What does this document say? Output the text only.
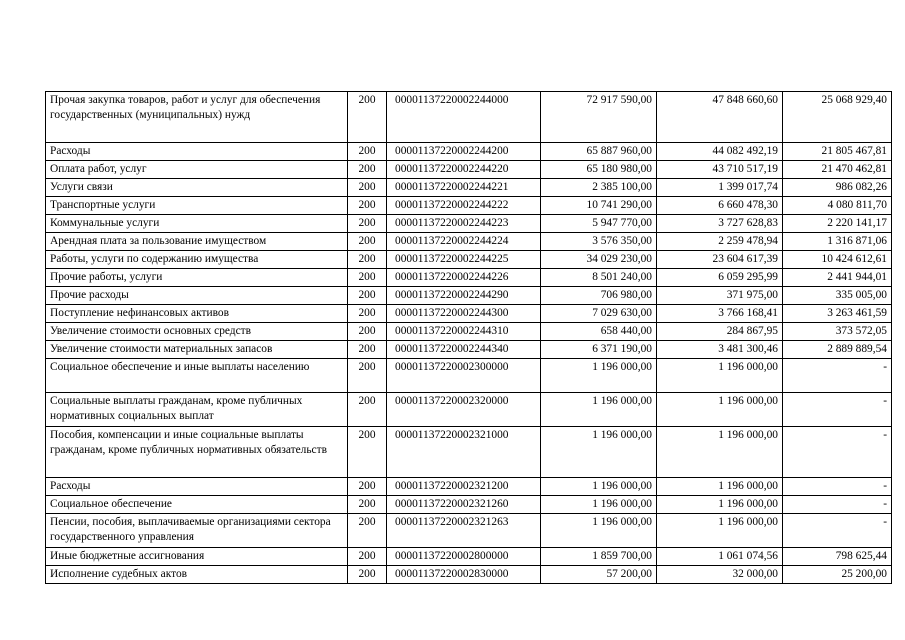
Прочая закупка товаров, работ и услуг для обеспечения государственных (муниципальных) нужд	200	00001137220002244000	72 917 590,00	47 848 660,60	25 068 929,40
Расходы	200	00001137220002244200	65 887 960,00	44 082 492,19	21 805 467,81
Оплата работ, услуг	200	00001137220002244220	65 180 980,00	43 710 517,19	21 470 462,81
Услуги связи	200	00001137220002244221	2 385 100,00	1 399 017,74	986 082,26
Транспортные услуги	200	00001137220002244222	10 741 290,00	6 660 478,30	4 080 811,70
Коммунальные услуги	200	00001137220002244223	5 947 770,00	3 727 628,83	2 220 141,17
Арендная плата за пользование имуществом	200	00001137220002244224	3 576 350,00	2 259 478,94	1 316 871,06
Работы, услуги по содержанию имущества	200	00001137220002244225	34 029 230,00	23 604 617,39	10 424 612,61
Прочие работы, услуги	200	00001137220002244226	8 501 240,00	6 059 295,99	2 441 944,01
Прочие расходы	200	00001137220002244290	706 980,00	371 975,00	335 005,00
Поступление нефинансовых активов	200	00001137220002244300	7 029 630,00	3 766 168,41	3 263 461,59
Увеличение стоимости основных средств	200	00001137220002244310	658 440,00	284 867,95	373 572,05
Увеличение стоимости материальных запасов	200	00001137220002244340	6 371 190,00	3 481 300,46	2 889 889,54
Социальное обеспечение и иные выплаты населению	200	00001137220002300000	1 196 000,00	1 196 000,00	-
Социальные выплаты гражданам, кроме публичных нормативных социальных выплат	200	00001137220002320000	1 196 000,00	1 196 000,00	-
Пособия, компенсации и иные социальные выплаты гражданам, кроме публичных нормативных обязательств	200	00001137220002321000	1 196 000,00	1 196 000,00	-
Расходы	200	00001137220002321200	1 196 000,00	1 196 000,00	-
Социальное обеспечение	200	00001137220002321260	1 196 000,00	1 196 000,00	-
Пенсии, пособия, выплачиваемые организациями сектора государственного управления	200	00001137220002321263	1 196 000,00	1 196 000,00	-
Иные бюджетные ассигнования	200	00001137220002800000	1 859 700,00	1 061 074,56	798 625,44
Исполнение судебных актов	200	00001137220002830000	57 200,00	32 000,00	25 200,00
